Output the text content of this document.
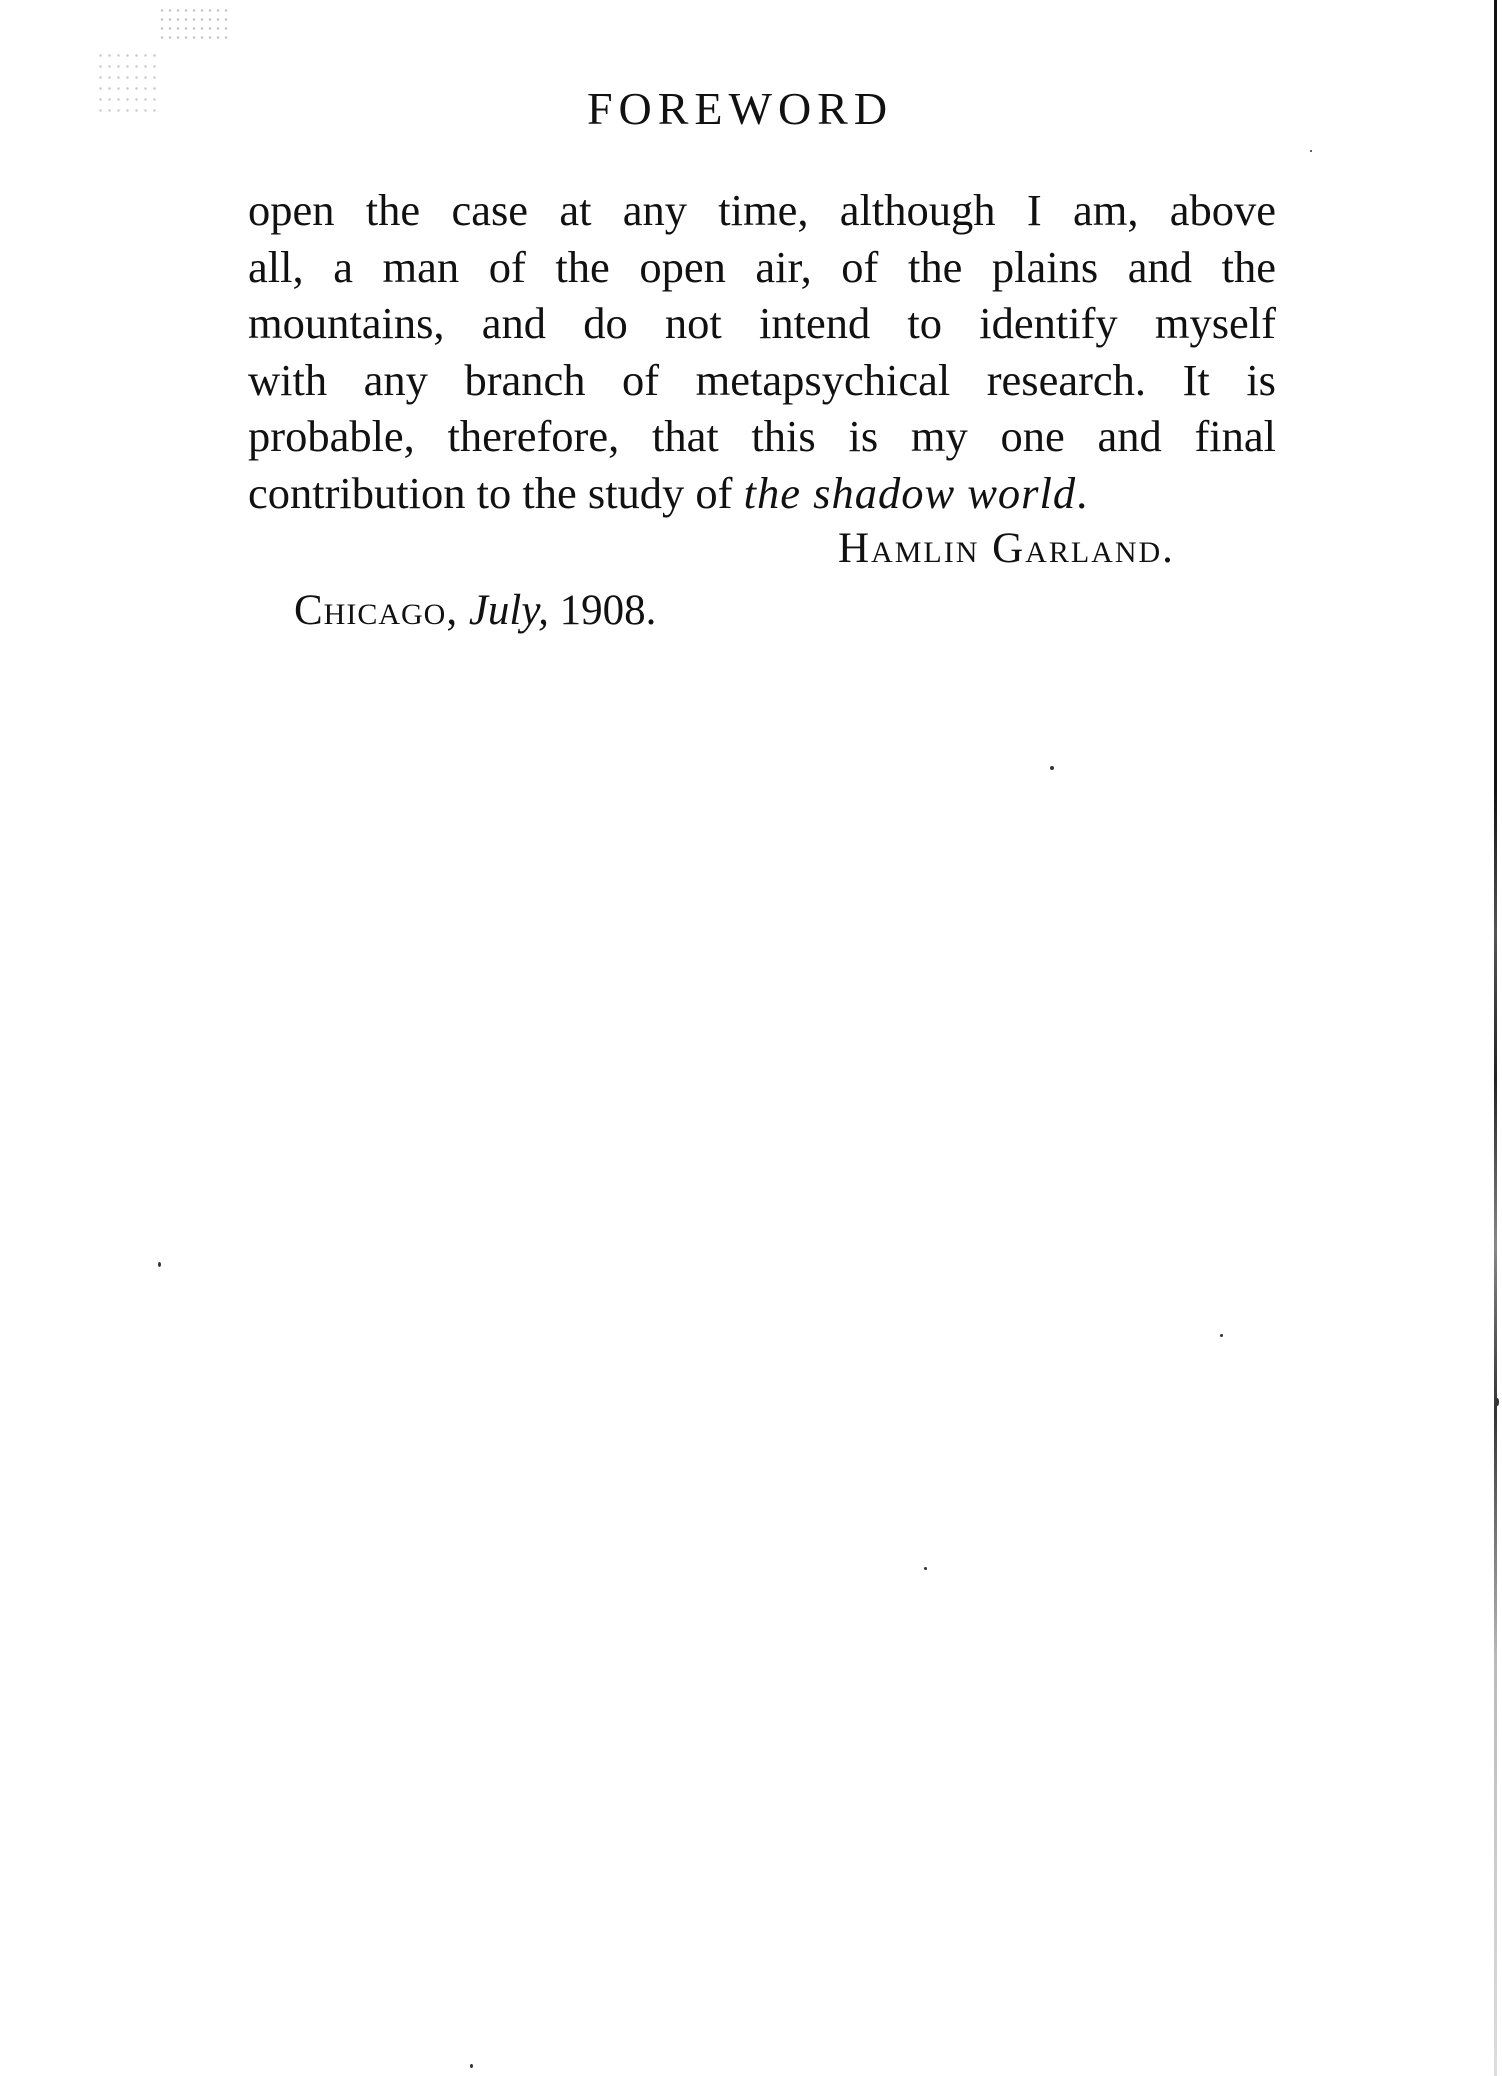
FOREWORD
open the case at any time, although I am, above
all, a man of the open air, of the plains and the
mountains, and do not intend to identify myself
with any branch of metapsychical research. It is
probable, therefore, that this is my one and final
contribution to the study of the shadow world.
Hamlin Garland.
Chicago, July, 1908.
